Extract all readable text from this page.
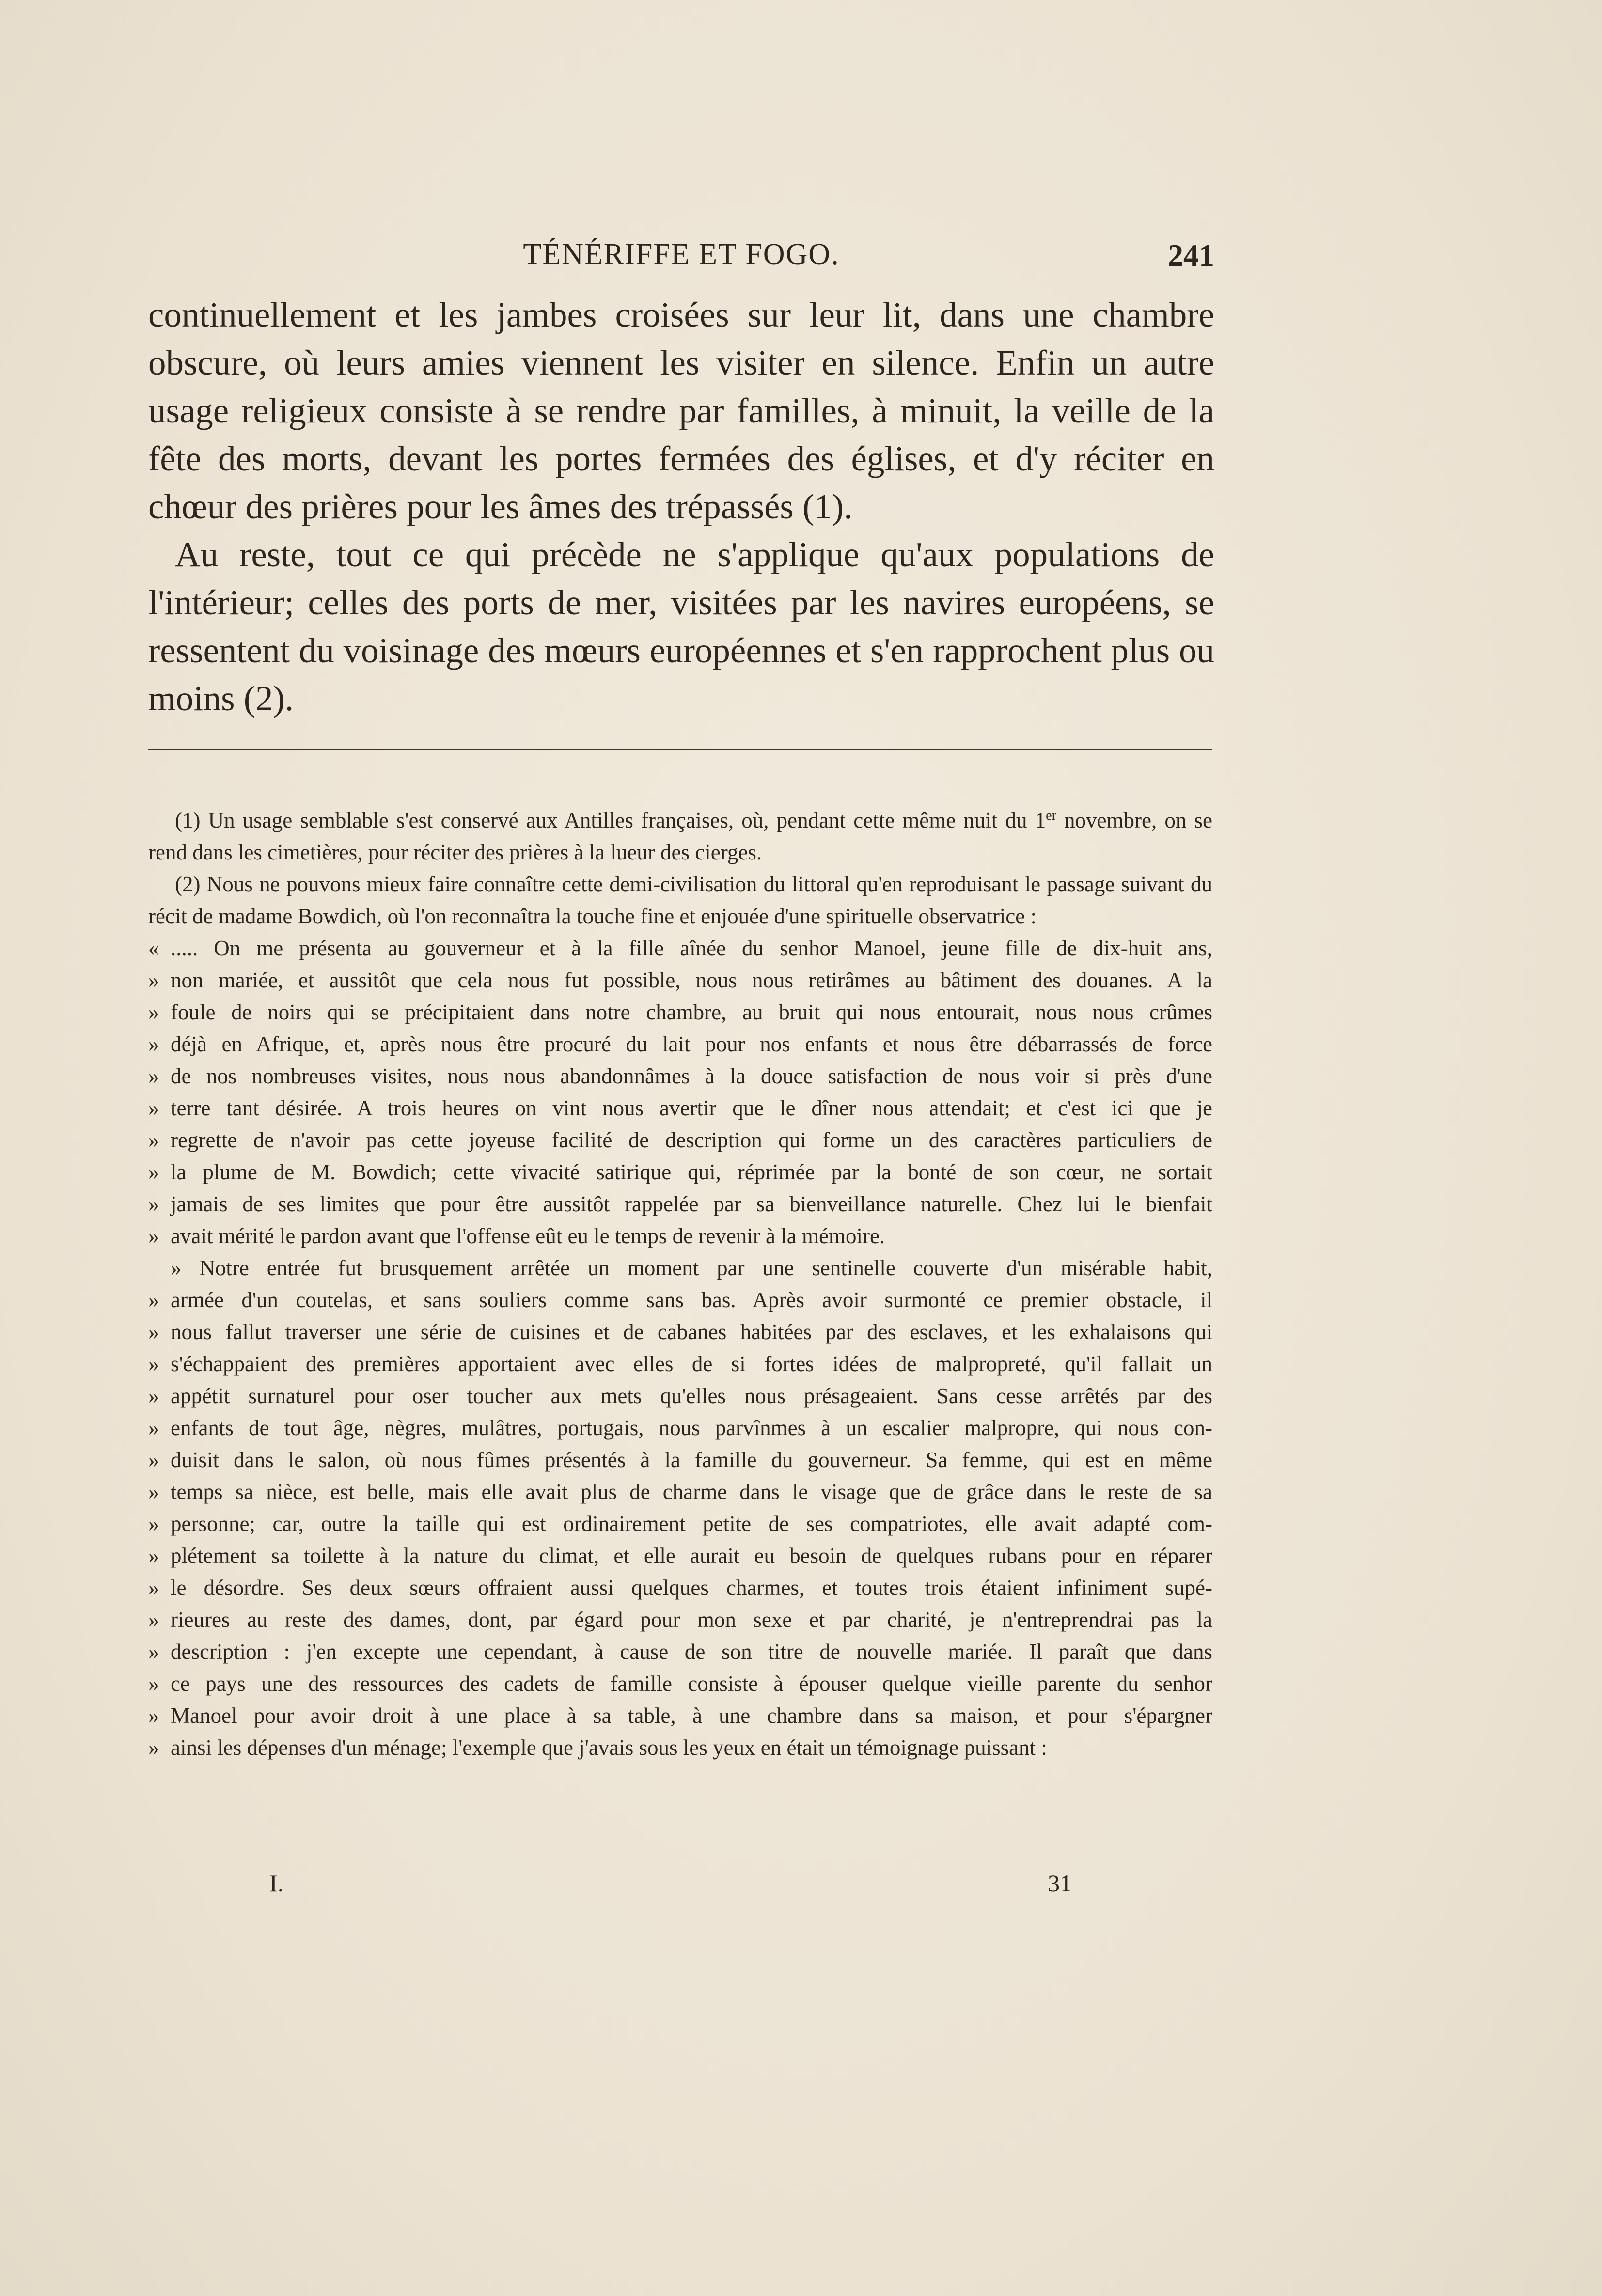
TÉNÉRIFFE ET FOGO.	241

continuellement et les jambes croisées sur leur lit, dans une chambre obscure, où leurs amies viennent les visiter en silence. Enfin un autre usage religieux consiste à se rendre par familles, à minuit, la veille de la fête des morts, devant les portes fermées des églises, et d'y réciter en chœur des prières pour les âmes des trépassés (1).

Au reste, tout ce qui précède ne s'applique qu'aux populations de l'intérieur; celles des ports de mer, visitées par les navires européens, se ressentent du voisinage des mœurs européennes et s'en rapprochent plus ou moins (2).

(1) Un usage semblable s'est conservé aux Antilles françaises, où, pendant cette même nuit du 1er novembre, on se rend dans les cimetières, pour réciter des prières à la lueur des cierges.

(2) Nous ne pouvons mieux faire connaître cette demi-civilisation du littoral qu'en reproduisant le passage suivant du récit de madame Bowdich, où l'on reconnaîtra la touche fine et enjouée d'une spirituelle observatrice :

« ..... On me présenta au gouverneur et à la fille aînée du senhor Manoel, jeune fille de dix-huit ans,
» non mariée, et aussitôt que cela nous fut possible, nous nous retirâmes au bâtiment des douanes. A la
» foule de noirs qui se précipitaient dans notre chambre, au bruit qui nous entourait, nous nous crûmes
» déjà en Afrique, et, après nous être procuré du lait pour nos enfants et nous être débarrassés de force
» de nos nombreuses visites, nous nous abandonnâmes à la douce satisfaction de nous voir si près d'une
» terre tant désirée. A trois heures on vint nous avertir que le dîner nous attendait; et c'est ici que je
» regrette de n'avoir pas cette joyeuse facilité de description qui forme un des caractères particuliers de
» la plume de M. Bowdich; cette vivacité satirique qui, réprimée par la bonté de son cœur, ne sortait
» jamais de ses limites que pour être aussitôt rappelée par sa bienveillance naturelle. Chez lui le bienfait
» avait mérité le pardon avant que l'offense eût eu le temps de revenir à la mémoire.
» Notre entrée fut brusquement arrêtée un moment par une sentinelle couverte d'un misérable habit,
» armée d'un coutelas, et sans souliers comme sans bas. Après avoir surmonté ce premier obstacle, il
» nous fallut traverser une série de cuisines et de cabanes habitées par des esclaves, et les exhalaisons qui
» s'échappaient des premières apportaient avec elles de si fortes idées de malpropreté, qu'il fallait un
» appétit surnaturel pour oser toucher aux mets qu'elles nous présageaient. Sans cesse arrêtés par des
» enfants de tout âge, nègres, mulâtres, portugais, nous parvînmes à un escalier malpropre, qui nous con-
» duisit dans le salon, où nous fûmes présentés à la famille du gouverneur. Sa femme, qui est en même
» temps sa nièce, est belle, mais elle avait plus de charme dans le visage que de grâce dans le reste de sa
» personne; car, outre la taille qui est ordinairement petite de ses compatriotes, elle avait adapté com-
» plétement sa toilette à la nature du climat, et elle aurait eu besoin de quelques rubans pour en réparer
» le désordre. Ses deux sœurs offraient aussi quelques charmes, et toutes trois étaient infiniment supé-
» rieures au reste des dames, dont, par égard pour mon sexe et par charité, je n'entreprendrai pas la
» description : j'en excepte une cependant, à cause de son titre de nouvelle mariée. Il paraît que dans
» ce pays une des ressources des cadets de famille consiste à épouser quelque vieille parente du senhor
» Manoel pour avoir droit à une place à sa table, à une chambre dans sa maison, et pour s'épargner
» ainsi les dépenses d'un ménage; l'exemple que j'avais sous les yeux en était un témoignage puissant :
I.	31
